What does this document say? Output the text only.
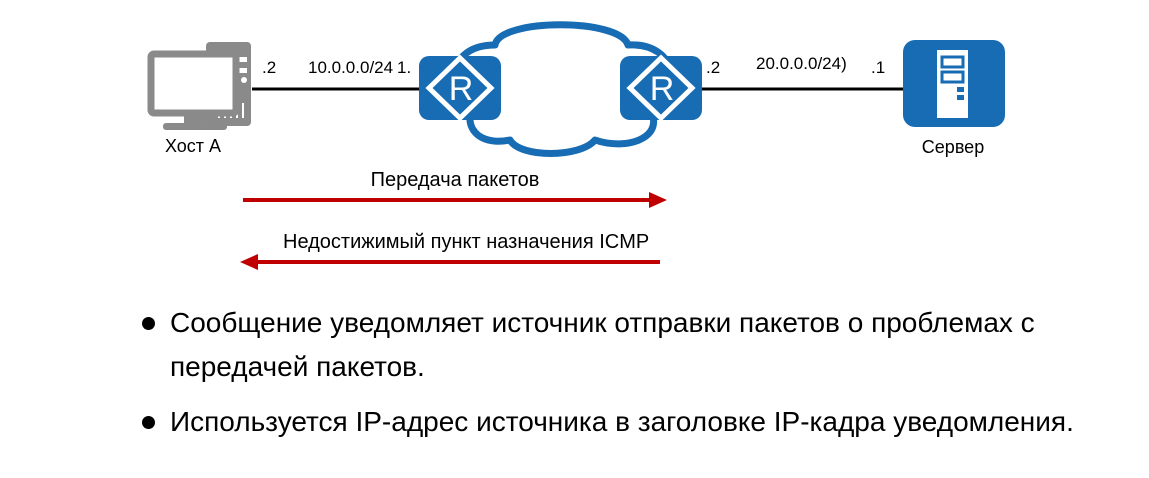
R	R
.2 10.0.0.0/24 1.	.2 20.0.0.0/24) .1
Хост A	Сервер
Передача пакетов
Недостижимый пункт назначения ICMP
Сообщение уведомляет источник отправки пакетов о проблемах с
передачей пакетов.
Используется IP-адрес источника в заголовке IP-кадра уведомления.
